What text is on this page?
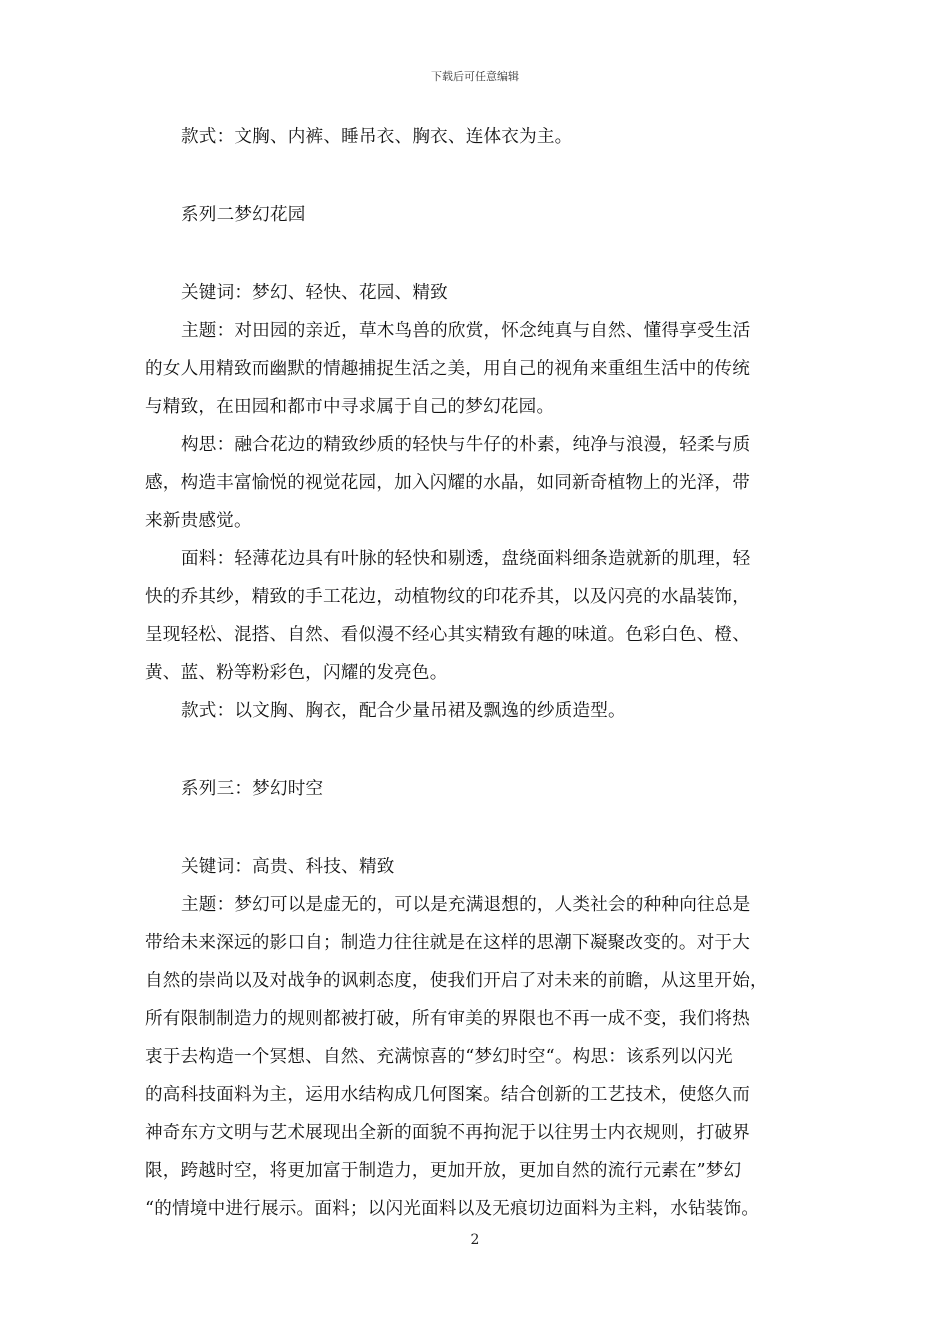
下载后可任意编辑
款式：文胸、内裤、睡吊衣、胸衣、连体衣为主。
系列二梦幻花园
关键词：梦幻、轻快、花园、精致
主题：对田园的亲近，草木鸟兽的欣赏，怀念纯真与自然、懂得享受生活
的女人用精致而幽默的情趣捕捉生活之美，用自己的视角来重组生活中的传统
与精致，在田园和都市中寻求属于自己的梦幻花园。
构思：融合花边的精致纱质的轻快与牛仔的朴素，纯净与浪漫，轻柔与质
感，构造丰富愉悦的视觉花园，加入闪耀的水晶，如同新奇植物上的光泽，带
来新贵感觉。
面料：轻薄花边具有叶脉的轻快和剔透，盘绕面料细条造就新的肌理，轻
快的乔其纱，精致的手工花边，动植物纹的印花乔其，以及闪亮的水晶装饰，
呈现轻松、混搭、自然、看似漫不经心其实精致有趣的味道。色彩白色、橙、
黄、蓝、粉等粉彩色，闪耀的发亮色。
款式：以文胸、胸衣，配合少量吊裙及飘逸的纱质造型。
系列三：梦幻时空
关键词：高贵、科技、精致
主题：梦幻可以是虚无的，可以是充满退想的，人类社会的种种向往总是
带给未来深远的影口自；制造力往往就是在这样的思潮下凝聚改变的。对于大
自然的崇尚以及对战争的讽刺态度，使我们开启了对未来的前瞻，从这里开始，
所有限制制造力的规则都被打破，所有审美的界限也不再一成不变，我们将热
衷于去构造一个冥想、自然、充满惊喜的“梦幻时空“。构思：该系列以闪光
的高科技面料为主，运用水结构成几何图案。结合创新的工艺技术，使悠久而
神奇东方文明与艺术展现出全新的面貌不再拘泥于以往男士内衣规则，打破界
限，跨越时空，将更加富于制造力，更加开放，更加自然的流行元素在”梦幻
“的情境中进行展示。面料；以闪光面料以及无痕切边面料为主料，水钻装饰。
2
